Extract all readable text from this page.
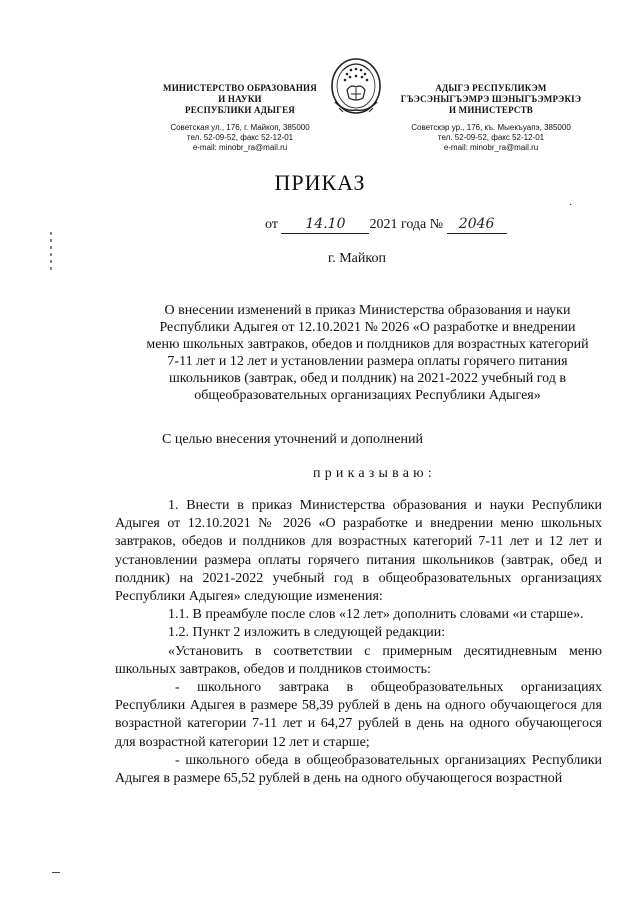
МИНИСТЕРСТВО ОБРАЗОВАНИЯ
И НАУКИ
РЕСПУБЛИКИ АДЫГЕЯ
Советская ул., 176, г. Майкоп, 385000
тел. 52-09-52, факс 52-12-01
e-mail: minobr_ra@mail.ru
АДЫГЭ РЕСПУБЛИКЭМ
ГЪЭСЭНЫГЪЭМРЭ ШЭНЫГЪЭМРЭКIЭ
И МИНИСТЕРСТВ
Советскэр ур., 176, къ. Мыекъуапэ, 385000
тел. 52-09-52, факс 52-12-01
e-mail: minobr_ra@mail.ru
ПРИКАЗ
от 14.10 2021 года № 2046
г. Майкоп
О внесении изменений в приказ Министерства образования и науки
Республики Адыгея от 12.10.2021 № 2026 «О разработке и внедрении
меню школьных завтраков, обедов и полдников для возрастных категорий
7-11 лет и 12 лет и установлении размера оплаты горячего питания
школьников (завтрак, обед и полдник) на 2021-2022 учебный год в
общеобразовательных организациях Республики Адыгея»
С целью внесения уточнений и дополнений
приказываю:

1. Внести в приказ Министерства образования и науки Республики Адыгея от 12.10.2021 № 2026 «О разработке и внедрении меню школьных завтраков, обедов и полдников для возрастных категорий 7-11 лет и 12 лет и установлении размера оплаты горячего питания школьников (завтрак, обед и полдник) на 2021-2022 учебный год в общеобразовательных организациях Республики Адыгея» следующие изменения:

1.1. В преамбуле после слов «12 лет» дополнить словами «и старше».

1.2. Пункт 2 изложить в следующей редакции:

«Установить в соответствии с примерным десятидневным меню школьных завтраков, обедов и полдников стоимость:

- школьного завтрака в общеобразовательных организациях Республики Адыгея в размере 58,39 рублей в день на одного обучающегося для возрастной категории 7-11 лет и 64,27 рублей в день на одного обучающегося для возрастной категории 12 лет и старше;

- школьного обеда в общеобразовательных организациях Республики Адыгея в размере 65,52 рублей в день на одного обучающегося возрастной

·
